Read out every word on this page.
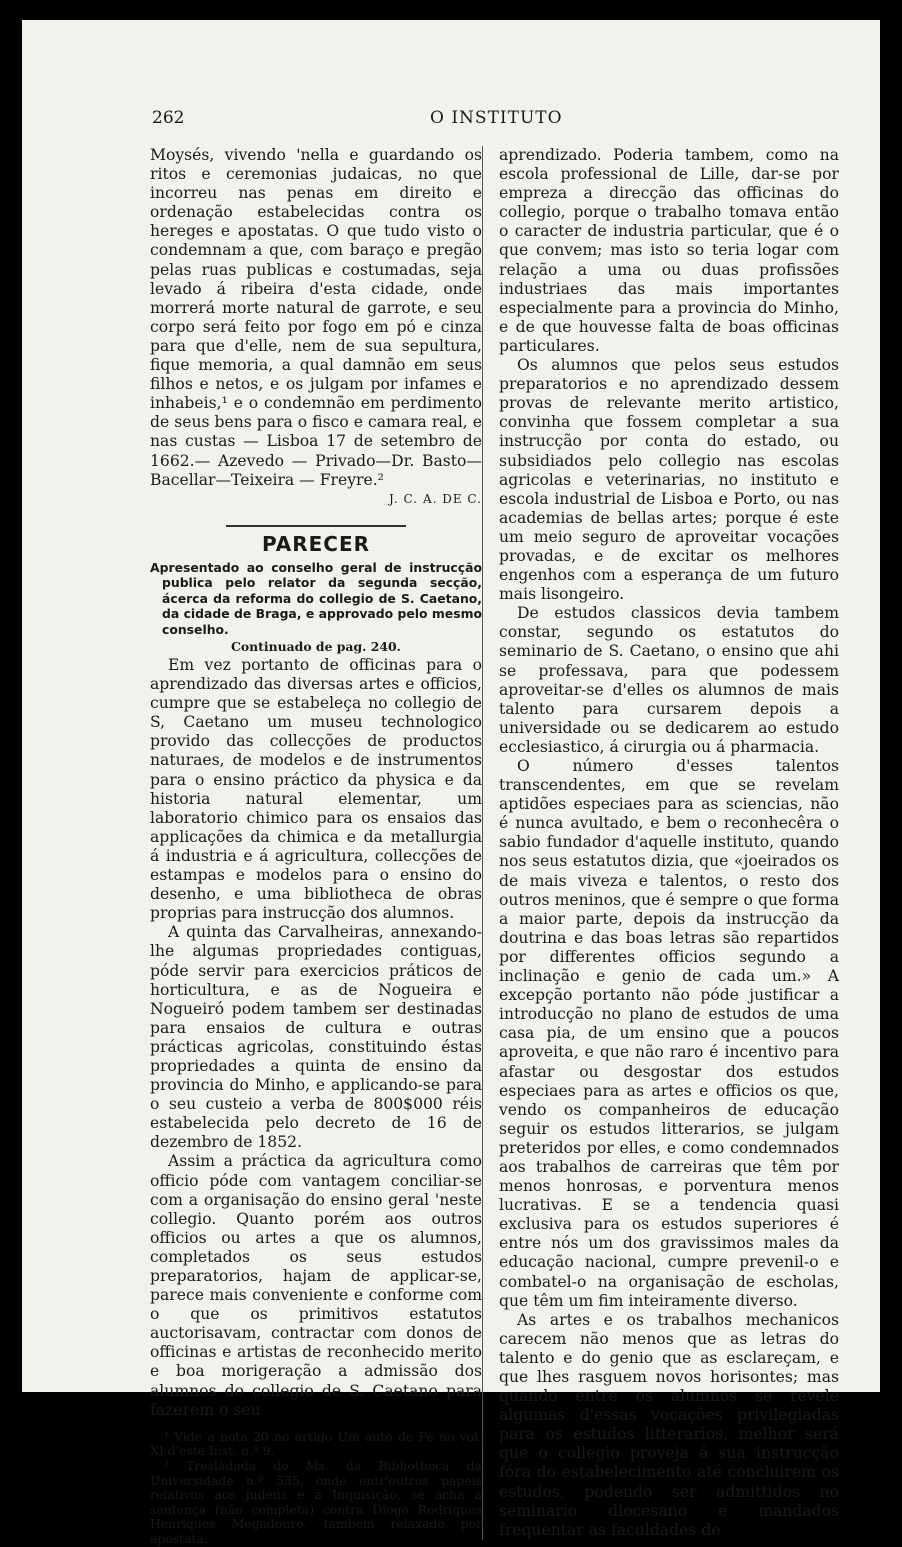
262	O INSTITUTO

Moysés, vivendo 'nella e guardando os ritos e ceremonias judaicas, no que incorreu nas penas em direito e ordenação estabelecidas contra os hereges e apostatas. O que tudo visto o condemnam a que, com baraço e pregão pelas ruas publicas e costumadas, seja levado á ribeira d'esta cidade, onde morrerá morte natural de garrote, e seu corpo será feito por fogo em pó e cinza para que d'elle, nem de sua sepultura, fique memoria, a qual damnão em seus filhos e netos, e os julgam por infames e inhabeis,¹ e o condemnão em perdimento de seus bens para o fisco e camara real, e nas custas — Lisboa 17 de setembro de 1662.— Azevedo — Privado—Dr. Basto—Bacellar—Teixeira — Freyre.²

J. C. A. DE C.

PARECER

Apresentado ao conselho geral de instrucção publica pelo relator da segunda secção, ácerca da reforma do collegio de S. Caetano, da cidade de Braga, e approvado pelo mesmo conselho.

Continuado de pag. 240.

Em vez portanto de officinas para o aprendizado das diversas artes e officios, cumpre que se estabeleça no collegio de S, Caetano um museu technologico provido das collecções de productos naturaes, de modelos e de instrumentos para o ensino práctico da physica e da historia natural elementar, um laboratorio chimico para os ensaios das applicações da chimica e da metallurgia á industria e á agricultura, collecções de estampas e modelos para o ensino do desenho, e uma bibliotheca de obras proprias para instrucção dos alumnos.

A quinta das Carvalheiras, annexando-lhe algumas propriedades contiguas, póde servir para exercicios práticos de horticultura, e as de Nogueira e Nogueiró podem tambem ser destinadas para ensaios de cultura e outras prácticas agricolas, constituindo éstas propriedades a quinta de ensino da provincia do Minho, e applicando-se para o seu custeio a verba de 800$000 réis estabelecida pelo decreto de 16 de dezembro de 1852.

Assim a práctica da agricultura como officio póde com vantagem conciliar-se com a organisação do ensino geral 'neste collegio. Quanto porém aos outros officios ou artes a que os alumnos, completados os seus estudos preparatorios, hajam de applicar-se, parece mais conveniente e conforme com o que os primitivos estatutos auctorisavam, contractar com donos de officinas e artistas de reconhecido merito e boa morigeração a admissão dos alumnos do collegio de S. Caetano para fazerem o seu

¹ Vide a nota 20 no artigo Um auto de Fé no vol. XI d'este Inst. n.º 9.

² Tresladada do Ms. da Bibliotheca da Universidade n.º 535, onde entr'outros papeis relativos aos judeus e á Inquisição, se acha a sentença (não completa) contra Diogo Rodrigues Henriques Mogadouro, tambem relaxado por apostata.

aprendizado. Poderia tambem, como na escola professional de Lille, dar-se por empreza a direcção das officinas do collegio, porque o trabalho tomava então o caracter de industria particular, que é o que convem; mas isto so teria logar com relação a uma ou duas profissões industriaes das mais importantes especialmente para a provincia do Minho, e de que houvesse falta de boas officinas particulares.

Os alumnos que pelos seus estudos preparatorios e no aprendizado dessem provas de relevante merito artistico, convinha que fossem completar a sua instrucção por conta do estado, ou subsidiados pelo collegio nas escolas agricolas e veterinarias, no instituto e escola industrial de Lisboa e Porto, ou nas academias de bellas artes; porque é este um meio seguro de aproveitar vocações provadas, e de excitar os melhores engenhos com a esperança de um futuro mais lisongeiro.

De estudos classicos devia tambem constar, segundo os estatutos do seminario de S. Caetano, o ensino que ahi se professava, para que podessem aproveitar-se d'elles os alumnos de mais talento para cursarem depois a universidade ou se dedicarem ao estudo ecclesiastico, á cirurgia ou á pharmacia.

O número d'esses talentos transcendentes, em que se revelam aptidões especiaes para as sciencias, não é nunca avultado, e bem o reconhecêra o sabio fundador d'aquelle instituto, quando nos seus estatutos dizia, que «joeirados os de mais viveza e talentos, o resto dos outros meninos, que é sempre o que forma a maior parte, depois da instrucção da doutrina e das boas letras são repartidos por differentes officios segundo a inclinação e genio de cada um.» A excepção portanto não póde justificar a introducção no plano de estudos de uma casa pia, de um ensino que a poucos aproveita, e que não raro é incentivo para afastar ou desgostar dos estudos especiaes para as artes e officios os que, vendo os companheiros de educação seguir os estudos litterarios, se julgam preteridos por elles, e como condemnados aos trabalhos de carreiras que têm por menos honrosas, e porventura menos lucrativas. E se a tendencia quasi exclusiva para os estudos superiores é entre nós um dos gravissimos males da educação nacional, cumpre prevenil-o e combatel-o na organisação de escholas, que têm um fim inteiramente diverso.

As artes e os trabalhos mechanicos carecem não menos que as letras do talento e do genio que as esclareçam, e que lhes rasguem novos horisontes; mas quando entre os alumnos se revele algumas d'essas vocações privilegiadas para os estudos litterarios, melhor será que o collegio proveja á sua instrucção fóra do estabelecimento até concluirem os estudos, podendo ser admittidos no seminario diocesano e mandados frequentar as faculdades de
